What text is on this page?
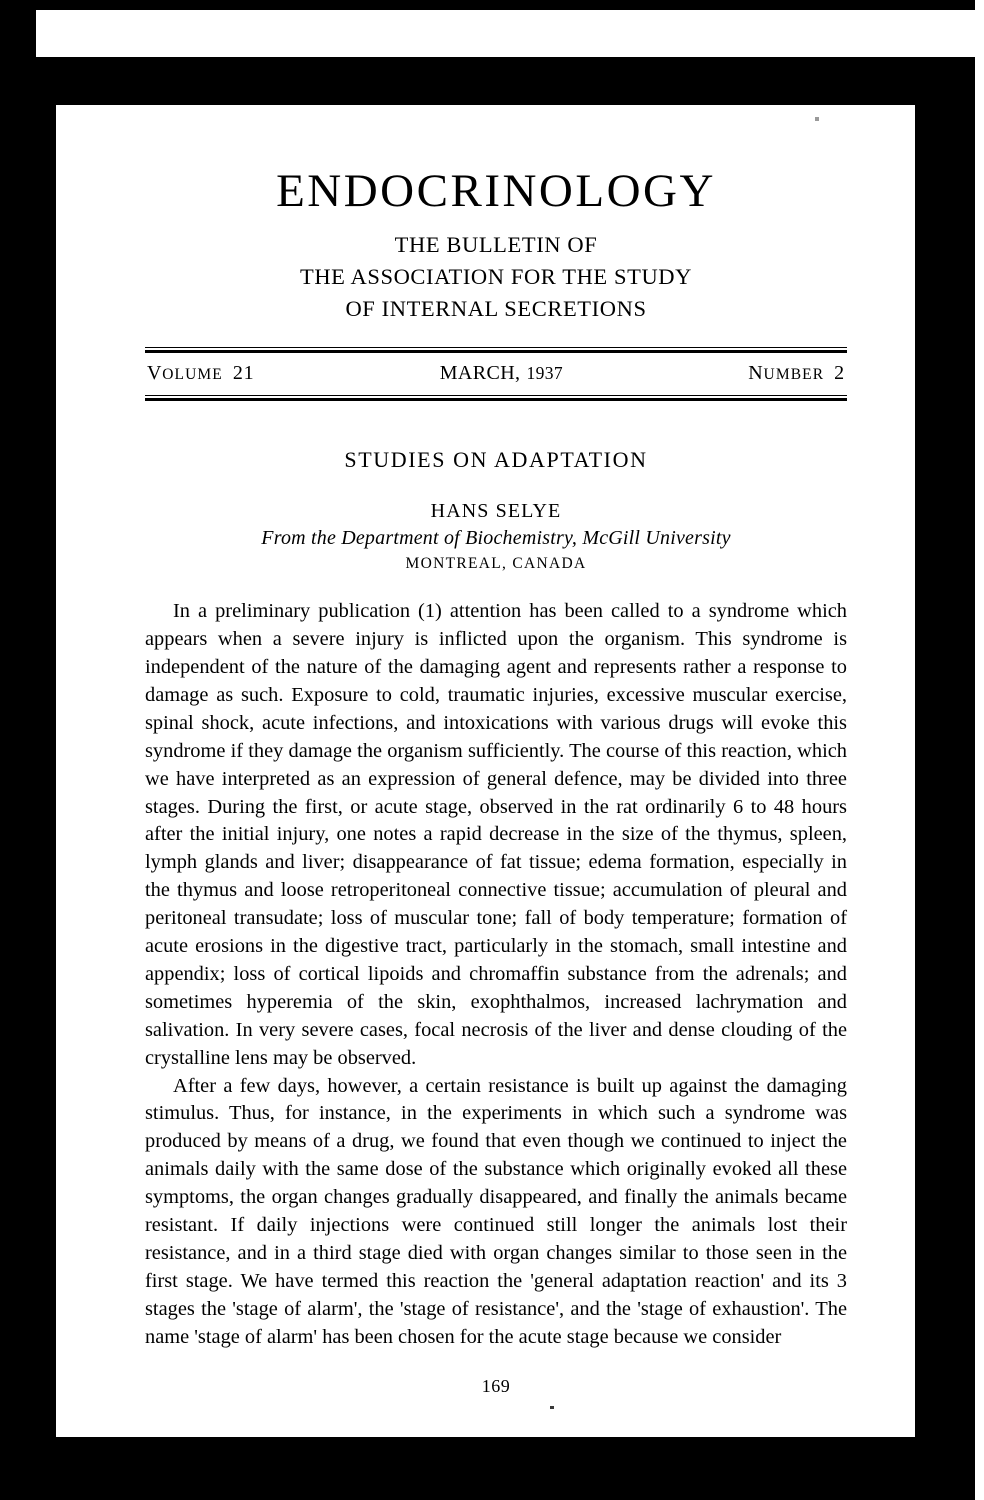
ENDOCRINOLOGY
THE BULLETIN OF
THE ASSOCIATION FOR THE STUDY
OF INTERNAL SECRETIONS
VOLUME 21	MARCH, 1937	NUMBER 2
STUDIES ON ADAPTATION
HANS SELYE
From the Department of Biochemistry, McGill University
MONTREAL, CANADA

In a preliminary publication (1) attention has been called to a syndrome which appears when a severe injury is inflicted upon the organism. This syndrome is independent of the nature of the damaging agent and represents rather a response to damage as such. Exposure to cold, traumatic injuries, excessive muscular exercise, spinal shock, acute infections, and intoxications with various drugs will evoke this syndrome if they damage the organism sufficiently. The course of this reaction, which we have interpreted as an expression of general defence, may be divided into three stages. During the first, or acute stage, observed in the rat ordinarily 6 to 48 hours after the initial injury, one notes a rapid decrease in the size of the thymus, spleen, lymph glands and liver; disappearance of fat tissue; edema formation, especially in the thymus and loose retroperitoneal connective tissue; accumulation of pleural and peritoneal transudate; loss of muscular tone; fall of body temperature; formation of acute erosions in the digestive tract, particularly in the stomach, small intestine and appendix; loss of cortical lipoids and chromaffin substance from the adrenals; and sometimes hyperemia of the skin, exophthalmos, increased lachrymation and salivation. In very severe cases, focal necrosis of the liver and dense clouding of the crystalline lens may be observed.

After a few days, however, a certain resistance is built up against the damaging stimulus. Thus, for instance, in the experiments in which such a syndrome was produced by means of a drug, we found that even though we continued to inject the animals daily with the same dose of the substance which originally evoked all these symptoms, the organ changes gradually disappeared, and finally the animals became resistant. If daily injections were continued still longer the animals lost their resistance, and in a third stage died with organ changes similar to those seen in the first stage. We have termed this reaction the 'general adaptation reaction' and its 3 stages the 'stage of alarm', the 'stage of resistance', and the 'stage of exhaustion'. The name 'stage of alarm' has been chosen for the acute stage because we consider

169
